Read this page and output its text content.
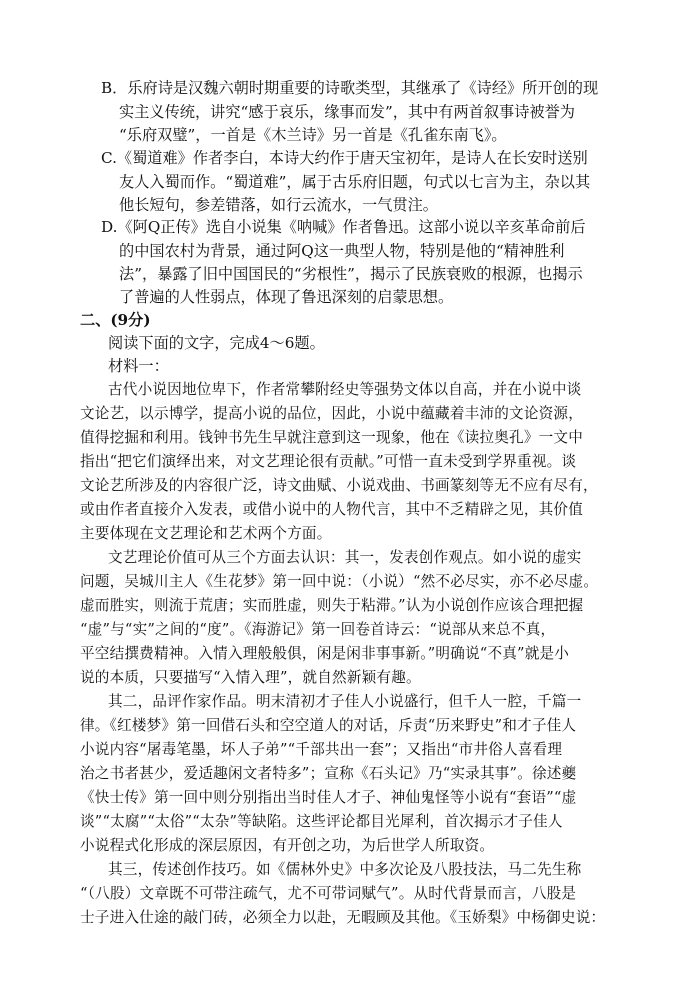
B．乐府诗是汉魏六朝时期重要的诗歌类型，其继承了《诗经》所开创的现
实主义传统，讲究“感于哀乐，缘事而发”，其中有两首叙事诗被誉为
“乐府双璧”，一首是《木兰诗》另一首是《孔雀东南飞》。
C.《蜀道难》作者李白，本诗大约作于唐天宝初年，是诗人在长安时送别
友人入蜀而作。“蜀道难”，属于古乐府旧题，句式以七言为主，杂以其
他长短句，参差错落，如行云流水，一气贯注。
D.《阿Q正传》选自小说集《呐喊》作者鲁迅。这部小说以辛亥革命前后
的中国农村为背景，通过阿Q这一典型人物，特别是他的“精神胜利
法”，暴露了旧中国国民的“劣根性”，揭示了民族衰败的根源，也揭示
了普遍的人性弱点，体现了鲁迅深刻的启蒙思想。
二、(9分)
阅读下面的文字，完成4～6题。
材料一：
古代小说因地位卑下，作者常攀附经史等强势文体以自高，并在小说中谈
文论艺，以示博学，提高小说的品位，因此，小说中蕴藏着丰沛的文论资源，
值得挖掘和利用。钱钟书先生早就注意到这一现象，他在《读拉奥孔》一文中
指出“把它们演绎出来，对文艺理论很有贡献。”可惜一直未受到学界重视。谈
文论艺所涉及的内容很广泛，诗文曲赋、小说戏曲、书画篆刻等无不应有尽有，
或由作者直接介入发表，或借小说中的人物代言，其中不乏精辟之见，其价值
主要体现在文艺理论和艺术两个方面。
文艺理论价值可从三个方面去认识：其一，发表创作观点。如小说的虚实
问题，吴城川主人《生花梦》第一回中说：（小说）“然不必尽实，亦不必尽虚。
虚而胜实，则流于荒唐；实而胜虚，则失于粘滞。”认为小说创作应该合理把握
“虚”与“实”之间的“度”。《海游记》第一回卷首诗云：“说部从来总不真，
平空结撰费精神。入情入理般般俱，闲是闲非事事新。”明确说“不真”就是小
说的本质，只要描写“入情入理”，就自然新颖有趣。
其二，品评作家作品。明末清初才子佳人小说盛行，但千人一腔，千篇一
律。《红楼梦》第一回借石头和空空道人的对话，斥责“历来野史”和才子佳人
小说内容“屠毒笔墨，坏人子弟”“千部共出一套”；又指出“市井俗人喜看理
治之书者甚少，爱适趣闲文者特多”；宣称《石头记》乃“实录其事”。徐述夔
《快士传》第一回中则分别指出当时佳人才子、神仙鬼怪等小说有“套语”“虚
谈”“太腐”“太俗”“太杂”等缺陷。这些评论都目光犀利，首次揭示才子佳人
小说程式化形成的深层原因，有开创之功，为后世学人所取资。
其三，传述创作技巧。如《儒林外史》中多次论及八股技法，马二先生称
“（八股）文章既不可带注疏气，尤不可带词赋气”。从时代背景而言，八股是
士子进入仕途的敲门砖，必须全力以赴，无暇顾及其他。《玉娇梨》中杨御史说：
